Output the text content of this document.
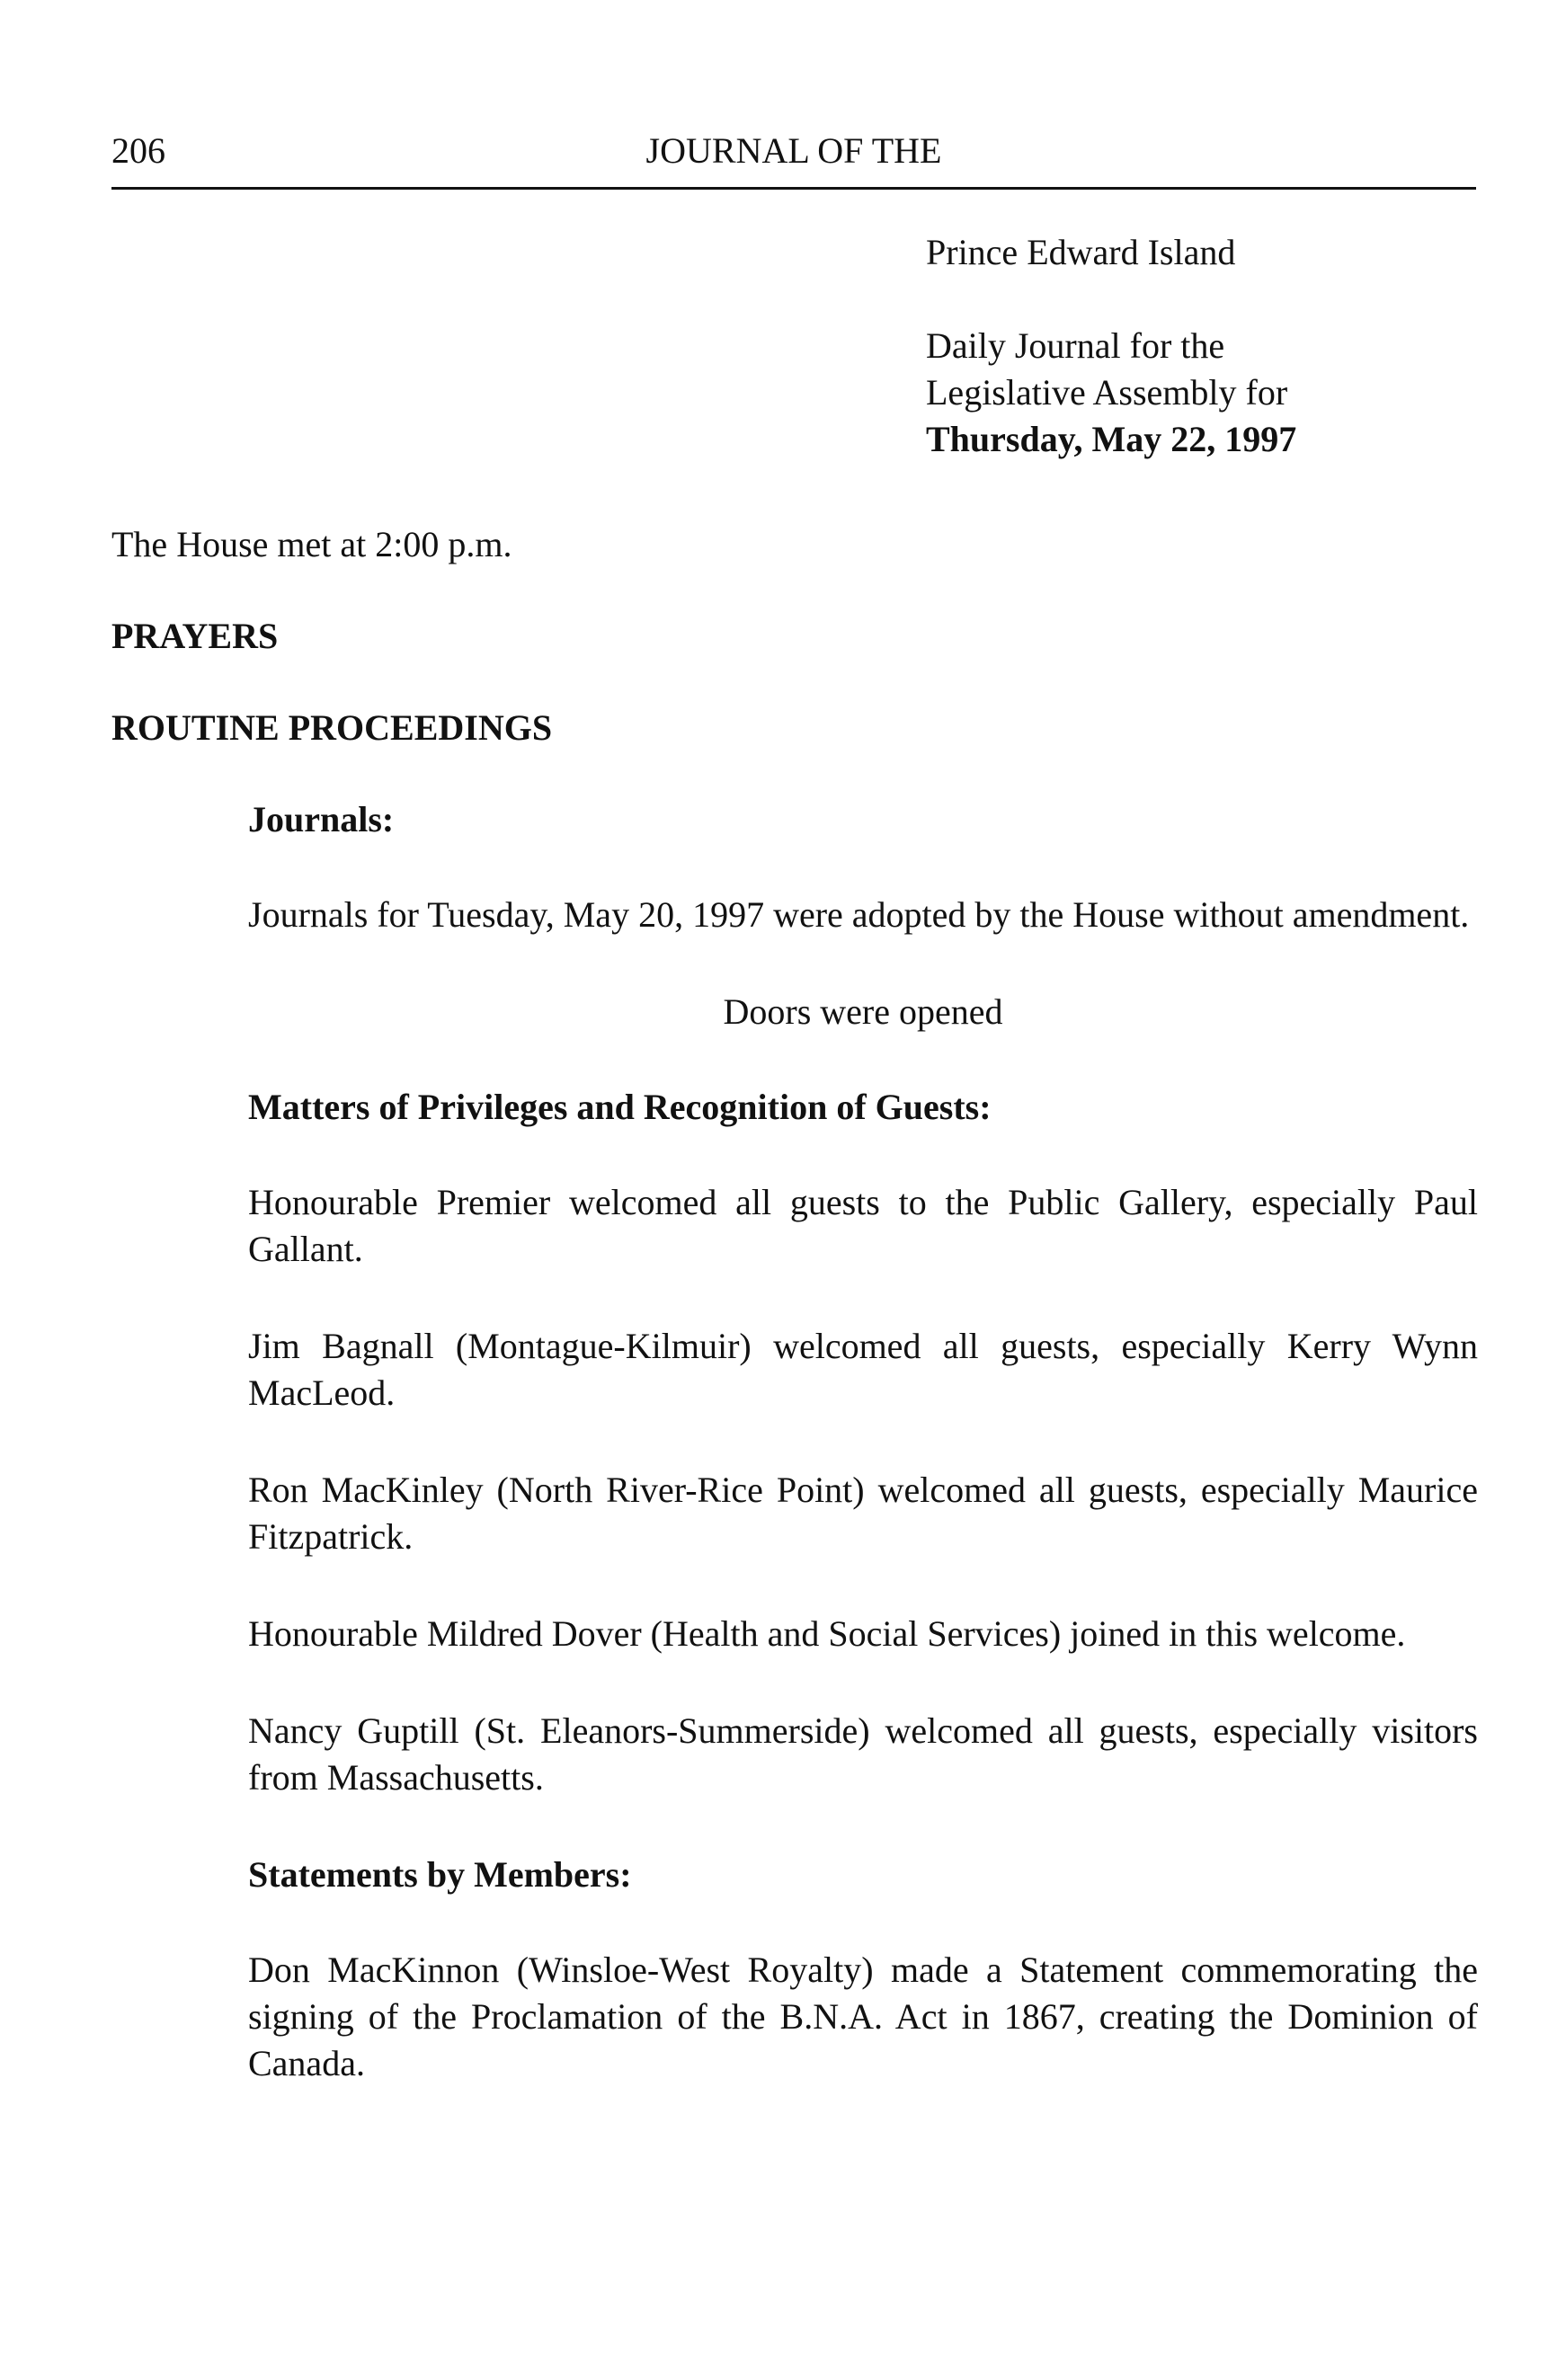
206	JOURNAL OF THE
Prince Edward Island
Daily Journal for the
Legislative Assembly for
Thursday, May 22, 1997

The House met at 2:00 p.m.

PRAYERS

ROUTINE PROCEEDINGS

Journals:

Journals for Tuesday, May 20, 1997 were adopted by the House without amendment.

Doors were opened

Matters of Privileges and Recognition of Guests:

Honourable Premier welcomed all guests to the Public Gallery, especially Paul Gallant.

Jim Bagnall (Montague-Kilmuir) welcomed all guests, especially Kerry Wynn MacLeod.

Ron MacKinley (North River-Rice Point) welcomed all guests, especially Maurice Fitzpatrick.

Honourable Mildred Dover (Health and Social Services) joined in this welcome.

Nancy Guptill (St. Eleanors-Summerside) welcomed all guests, especially visitors from Massachusetts.

Statements by Members:

Don MacKinnon (Winsloe-West Royalty) made a Statement commemorating the signing of the Proclamation of the B.N.A. Act in 1867, creating the Dominion of Canada.
